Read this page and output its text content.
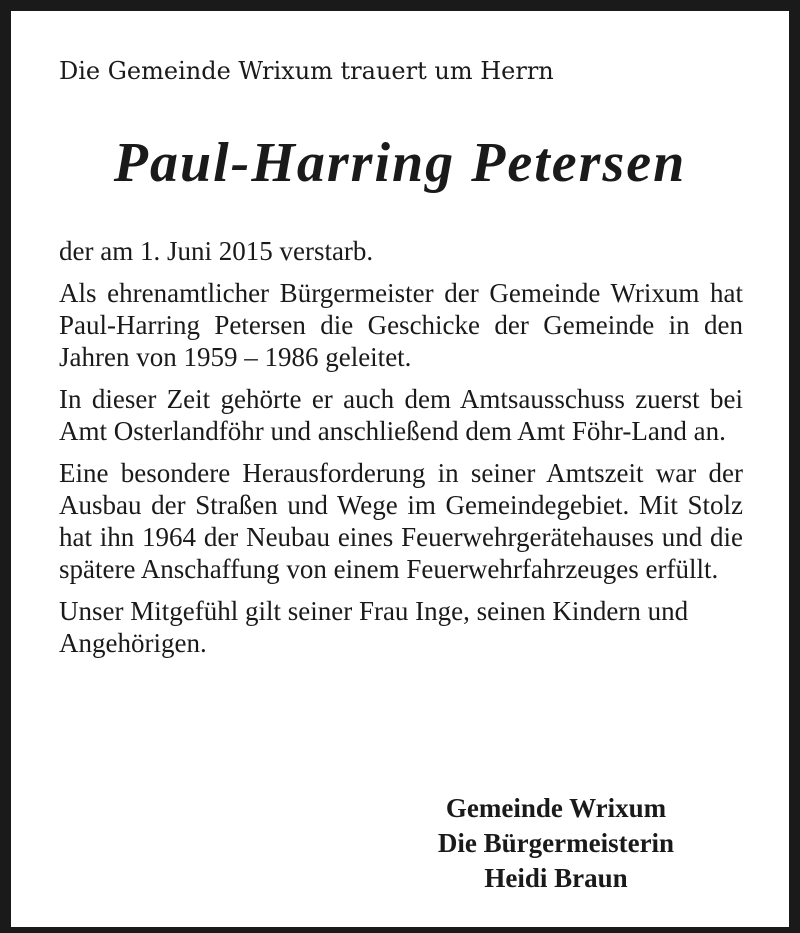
Die Gemeinde Wrixum trauert um Herrn
Paul-Harring Petersen

der am 1. Juni 2015 verstarb.

Als ehrenamtlicher Bürgermeister der Gemeinde Wrixum hat Paul-Harring Petersen die Geschicke der Gemeinde in den Jahren von 1959 – 1986 geleitet.

In dieser Zeit gehörte er auch dem Amtsausschuss zuerst bei Amt Osterlandföhr und anschließend dem Amt Föhr-Land an.

Eine besondere Herausforderung in seiner Amtszeit war der Ausbau der Straßen und Wege im Gemeindegebiet. Mit Stolz hat ihn 1964 der Neubau eines Feuerwehrgerätehauses und die spätere Anschaffung von einem Feuerwehrfahrzeuges erfüllt.

Unser Mitgefühl gilt seiner Frau Inge, seinen Kindern und Angehörigen.

Gemeinde Wrixum
Die Bürgermeisterin
Heidi Braun
